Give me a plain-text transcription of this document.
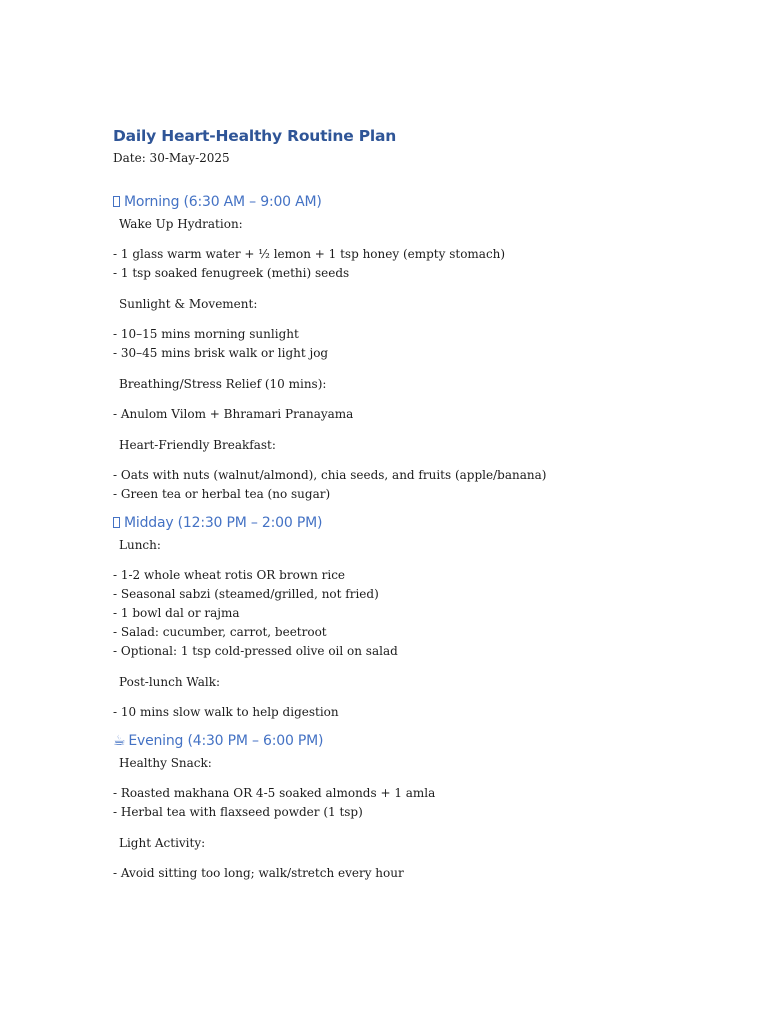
Daily Heart-Healthy Routine Plan

Date: 30-May-2025

Morning (6:30 AM – 9:00 AM)

Wake Up Hydration:

- 1 glass warm water + ½ lemon + 1 tsp honey (empty stomach)
- 1 tsp soaked fenugreek (methi) seeds

Sunlight & Movement:

- 10–15 mins morning sunlight
- 30–45 mins brisk walk or light jog

Breathing/Stress Relief (10 mins):

- Anulom Vilom + Bhramari Pranayama

Heart-Friendly Breakfast:

- Oats with nuts (walnut/almond), chia seeds, and fruits (apple/banana)
- Green tea or herbal tea (no sugar)
Midday (12:30 PM – 2:00 PM)

Lunch:

- 1-2 whole wheat rotis OR brown rice
- Seasonal sabzi (steamed/grilled, not fried)
- 1 bowl dal or rajma
- Salad: cucumber, carrot, beetroot
- Optional: 1 tsp cold-pressed olive oil on salad

Post-lunch Walk:

- 10 mins slow walk to help digestion
☕ Evening (4:30 PM – 6:00 PM)

Healthy Snack:

- Roasted makhana OR 4-5 soaked almonds + 1 amla
- Herbal tea with flaxseed powder (1 tsp)

Light Activity:

- Avoid sitting too long; walk/stretch every hour
